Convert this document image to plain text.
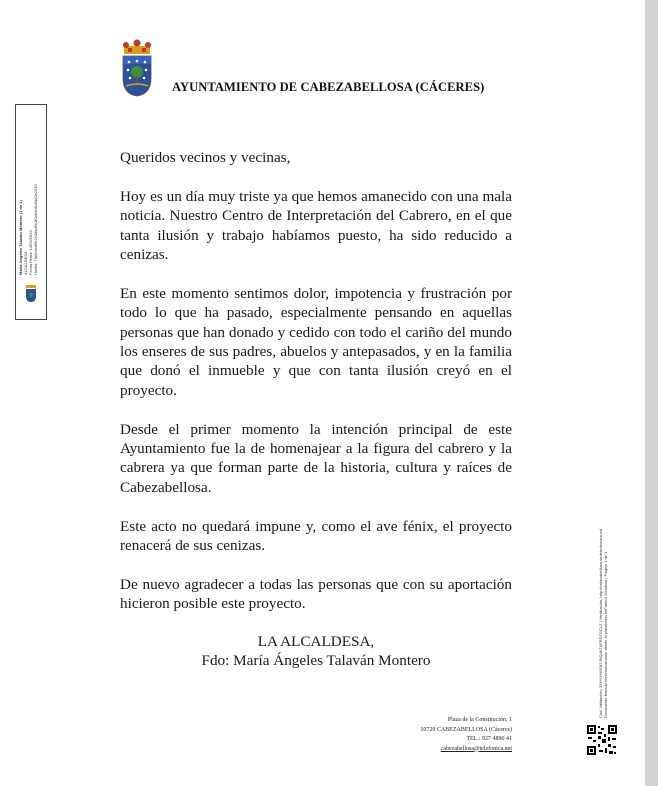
AYUNTAMIENTO DE CABEZABELLOSA (CÁCERES)
Maria Ángeles Talaván Montero (1 de 1) ALCALDESA Fecha Firma: 14/02/2019 Huella: 7fa0c4ed6b2c3ddd5e1f0ab4c8b5da3e2210

Queridos vecinos y vecinas,

Hoy es un día muy triste ya que hemos amanecido con una mala noticia. Nuestro Centro de Interpretación del Cabrero, en el que tanta ilusión y trabajo habíamos puesto, ha sido reducido a cenizas.

En este momento sentimos dolor, impotencia y frustración por todo lo que ha pasado, especialmente pensando en aquellas personas que han donado y cedido con todo el cariño del mundo los enseres de sus padres, abuelos y antepasados, y en la familia que donó el inmueble y que con tanta ilusión creyó en el proyecto.

Desde el primer momento la intención principal de este Ayuntamiento fue la de homenajear a la figura del cabrero y la cabrera ya que forman parte de la historia, cultura y raíces de Cabezabellosa.

Este acto no quedará impune y, como el ave fénix, el proyecto renacerá de sus cenizas.

De nuevo agradecer a todas las personas que con su aportación hicieron posible este proyecto.

LA ALCALDESA,
Fdo: María Ángeles Talaván Montero
Plaza de la Constitución, 1
10729 CABEZABELLOSA (Cáceres)
TEL.: 927 4890 41
cabezabellosa@telefonica.net
Cód. Validación: 3XHY4YAFM7JNQ4KTAFRD7GCLZ | Verificación: http://cabezabellosa.sedelectronica.es/ Documento firmado electrónicamente desde la plataforma esPublico Gestiona | Página 1 de 1
